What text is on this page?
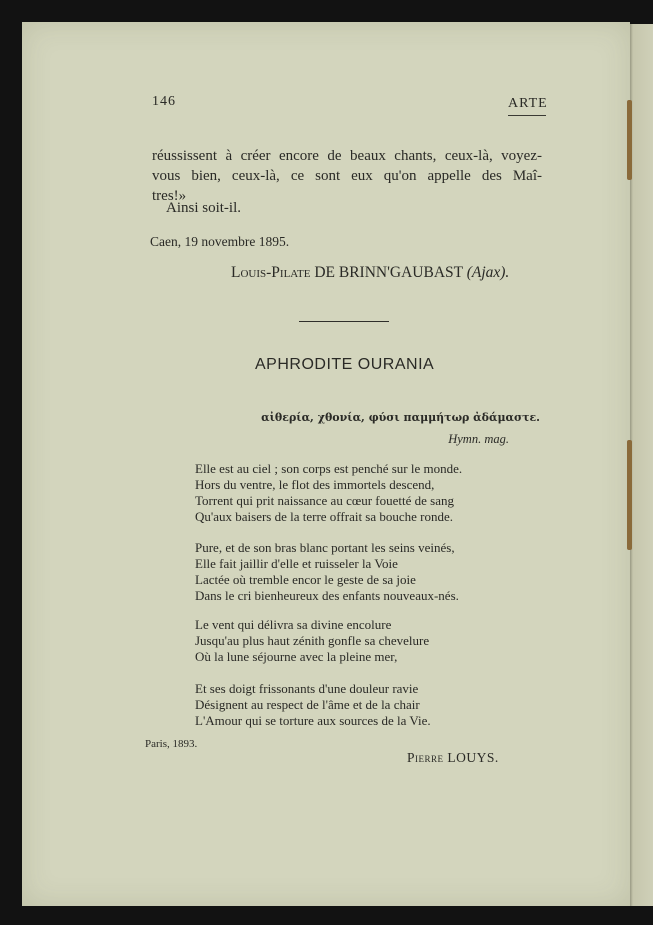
146	ARTE
réussissent à créer encore de beaux chants, ceux-là, voyez-
vous bien, ceux-là, ce sont eux qu'on appelle des Maî-
tres!»
Ainsi soit-il.
Caen, 19 novembre 1895.
Louis-Pilate DE BRINN'GAUBAST (Ajax).
APHRODITE OURANIA
αἰθερία, χθονία, φύσι παμμήτωρ ἀδάμαστε.
Hymn. mag.
Elle est au ciel ; son corps est penché sur le monde.
Hors du ventre, le flot des immortels descend,
Torrent qui prit naissance au cœur fouetté de sang
Qu'aux baisers de la terre offrait sa bouche ronde.
Pure, et de son bras blanc portant les seins veinés,
Elle fait jaillir d'elle et ruisseler la Voie
Lactée où tremble encor le geste de sa joie
Dans le cri bienheureux des enfants nouveaux-nés.
Le vent qui délivra sa divine encolure
Jusqu'au plus haut zénith gonfle sa chevelure
Où la lune séjourne avec la pleine mer,
Et ses doigt frissonants d'une douleur ravie
Désignent au respect de l'âme et de la chair
L'Amour qui se torture aux sources de la Vie.
Paris, 1893.
Pierre LOUYS.
